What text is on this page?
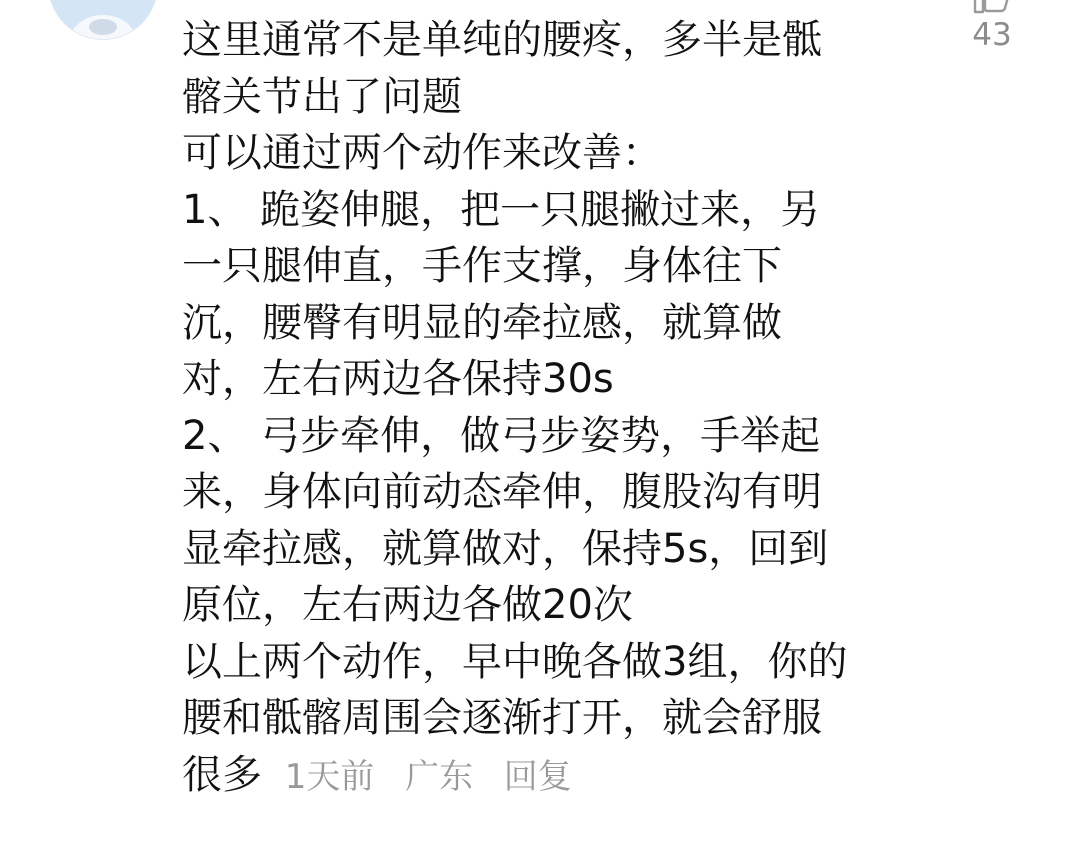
这里通常不是单纯的腰疼，多半是骶
髂关节出了问题
可以通过两个动作来改善：
1、 跪姿伸腿，把一只腿撇过来，另
一只腿伸直，手作支撑，身体往下
沉，腰臀有明显的牵拉感，就算做
对，左右两边各保持30s
2、 弓步牵伸，做弓步姿势，手举起
来，身体向前动态牵伸，腹股沟有明
显牵拉感，就算做对，保持5s，回到
原位，左右两边各做20次
以上两个动作，早中晚各做3组，你的
腰和骶髂周围会逐渐打开，就会舒服
很多 1天前 广东 回复
43
